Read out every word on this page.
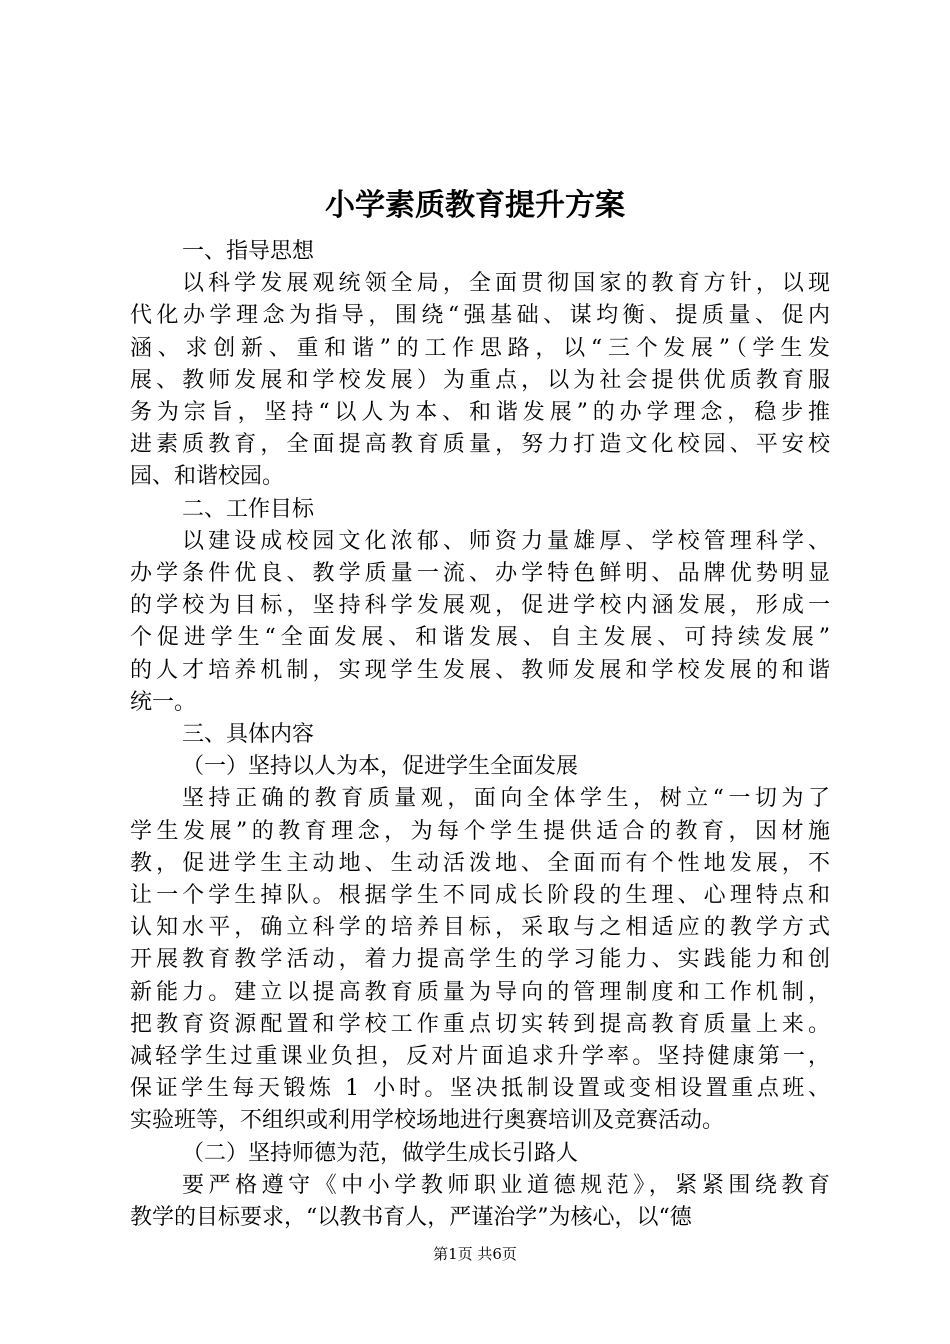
小学素质教育提升方案
一、指导思想
以科学发展观统领全局，全面贯彻国家的教育方针，以现
代化办学理念为指导，围绕“强基础、谋均衡、提质量、促内
涵、求创新、重和谐”的工作思路，以“三个发展”（学生发
展、教师发展和学校发展）为重点，以为社会提供优质教育服
务为宗旨，坚持“以人为本、和谐发展”的办学理念，稳步推
进素质教育，全面提高教育质量，努力打造文化校园、平安校
园、和谐校园。
二、工作目标
以建设成校园文化浓郁、师资力量雄厚、学校管理科学、
办学条件优良、教学质量一流、办学特色鲜明、品牌优势明显
的学校为目标，坚持科学发展观，促进学校内涵发展，形成一
个促进学生“全面发展、和谐发展、自主发展、可持续发展”
的人才培养机制，实现学生发展、教师发展和学校发展的和谐
统一。
三、具体内容
（一）坚持以人为本，促进学生全面发展
坚持正确的教育质量观，面向全体学生，树立“一切为了
学生发展”的教育理念，为每个学生提供适合的教育，因材施
教，促进学生主动地、生动活泼地、全面而有个性地发展，不
让一个学生掉队。根据学生不同成长阶段的生理、心理特点和
认知水平，确立科学的培养目标，采取与之相适应的教学方式
开展教育教学活动，着力提高学生的学习能力、实践能力和创
新能力。建立以提高教育质量为导向的管理制度和工作机制，
把教育资源配置和学校工作重点切实转到提高教育质量上来。
减轻学生过重课业负担，反对片面追求升学率。坚持健康第一，
保证学生每天锻炼 1 小时。坚决抵制设置或变相设置重点班、
实验班等，不组织或利用学校场地进行奥赛培训及竞赛活动。
（二）坚持师德为范，做学生成长引路人
要严格遵守《中小学教师职业道德规范》，紧紧围绕教育
教学的目标要求，“以教书育人，严谨治学”为核心，以“德
第1页 共6页
